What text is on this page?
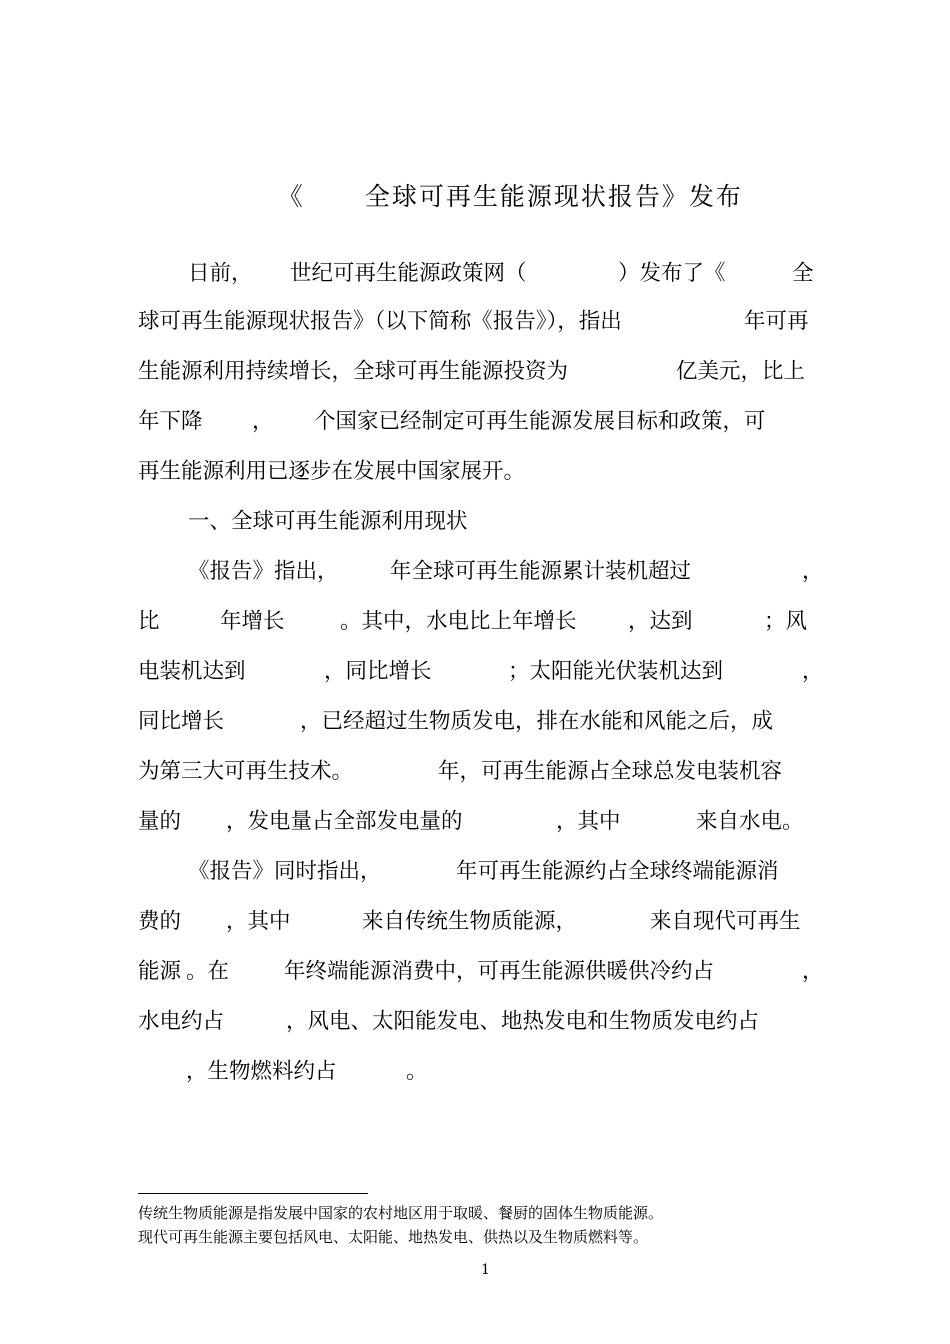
《 全球可再生能源现状报告》发布

日前， 世纪可再生能源政策网（	）发布了《	全
球可再生能源现状报告》（以下简称《报告》），指出	年可再
生能源利用持续增长，全球可再生能源投资为	亿美元，比上
年下降 ， 个国家已经制定可再生能源发展目标和政策，可
再生能源利用已逐步在发展中国家展开。
一、全球可再生能源利用现状
《报告》指出， 年全球可再生能源累计装机超过	，
比	年增长	。其中，水电比上年增长 ，达到	；风
电装机达到	，同比增长	；太阳能光伏装机达到	，
同比增长	，已经超过生物质发电，排在水能和风能之后，成
为第三大可再生技术。	年，可再生能源占全球总发电装机容
量的 ，发电量占全部发电量的	，其中	来自水电。
《报告》同时指出，	年可再生能源约占全球终端能源消
费的 ，其中	来自传统生物质能源，	来自现代可再生
能源 。在	年终端能源消费中，可再生能源供暖供冷约占	，
水电约占	，风电、太阳能发电、地热发电和生物质发电约占
，生物燃料约占	。
传统生物质能源是指发展中国家的农村地区用于取暖、餐厨的固体生物质能源。
现代可再生能源主要包括风电、太阳能、地热发电、供热以及生物质燃料等。
1
